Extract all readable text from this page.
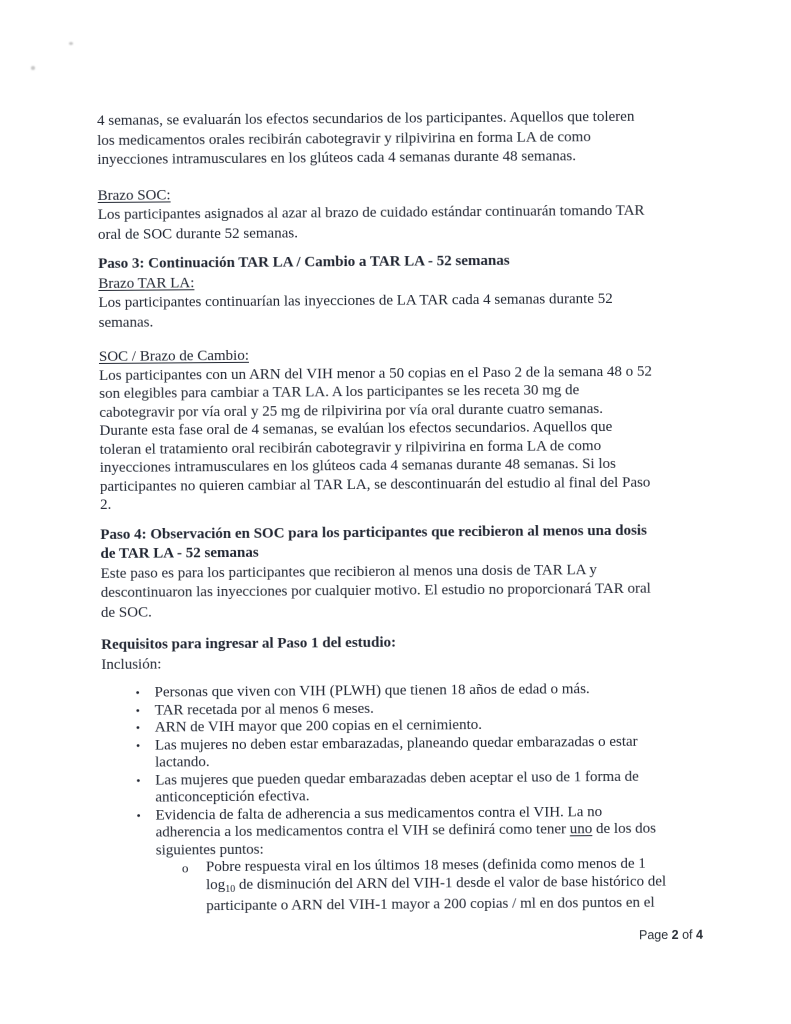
4 semanas, se evaluarán los efectos secundarios de los participantes. Aquellos que toleren
los medicamentos orales recibirán cabotegravir y rilpivirina en forma LA de como
inyecciones intramusculares en los glúteos cada 4 semanas durante 48 semanas.
Brazo SOC:
Los participantes asignados al azar al brazo de cuidado estándar continuarán tomando TAR
oral de SOC durante 52 semanas.
Paso 3: Continuación TAR LA / Cambio a TAR LA - 52 semanas
Brazo TAR LA:
Los participantes continuarían las inyecciones de LA TAR cada 4 semanas durante 52
semanas.
SOC / Brazo de Cambio:
Los participantes con un ARN del VIH menor a 50 copias en el Paso 2 de la semana 48 o 52
son elegibles para cambiar a TAR LA. A los participantes se les receta 30 mg de
cabotegravir por vía oral y 25 mg de rilpivirina por vía oral durante cuatro semanas.
Durante esta fase oral de 4 semanas, se evalúan los efectos secundarios. Aquellos que
toleran el tratamiento oral recibirán cabotegravir y rilpivirina en forma LA de como
inyecciones intramusculares en los glúteos cada 4 semanas durante 48 semanas. Si los
participantes no quieren cambiar al TAR LA, se descontinuarán del estudio al final del Paso
2.
Paso 4: Observación en SOC para los participantes que recibieron al menos una dosis
de TAR LA - 52 semanas
Este paso es para los participantes que recibieron al menos una dosis de TAR LA y
descontinuaron las inyecciones por cualquier motivo. El estudio no proporcionará TAR oral
de SOC.
Requisitos para ingresar al Paso 1 del estudio:
Inclusión:
• Personas que viven con VIH (PLWH) que tienen 18 años de edad o más.
• TAR recetada por al menos 6 meses.
• ARN de VIH mayor que 200 copias en el cernimiento.
• Las mujeres no deben estar embarazadas, planeando quedar embarazadas o estar
lactando.
• Las mujeres que pueden quedar embarazadas deben aceptar el uso de 1 forma de
anticonceptición efectiva.
• Evidencia de falta de adherencia a sus medicamentos contra el VIH. La no
adherencia a los medicamentos contra el VIH se definirá como tener uno de los dos
siguientes puntos:
o	Pobre respuesta viral en los últimos 18 meses (definida como menos de 1
$\log_{10}$ de disminución del ARN del VIH-1 desde el valor de base histórico del
participante o ARN del VIH-1 mayor a 200 copias / ml en dos puntos en el
Page 2 of 4
